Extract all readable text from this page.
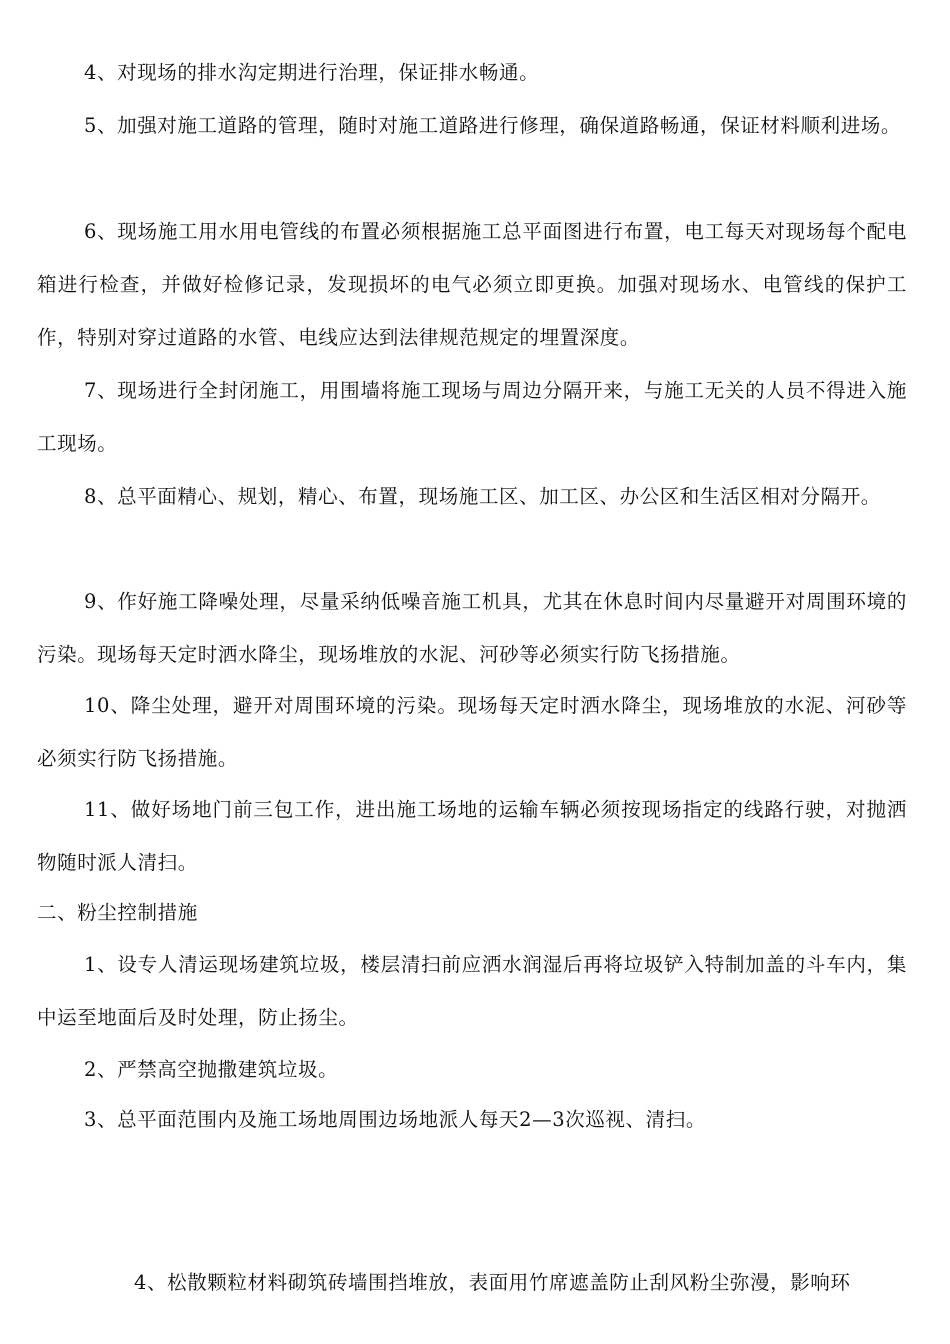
4、对现场的排水沟定期进行治理，保证排水畅通。

5、加强对施工道路的管理，随时对施工道路进行修理，确保道路畅通，保证材料顺利进场。

6、现场施工用水用电管线的布置必须根据施工总平面图进行布置，电工每天对现场每个配电箱进行检查，并做好检修记录，发现损坏的电气必须立即更换。加强对现场水、电管线的保护工作，特别对穿过道路的水管、电线应达到法律规范规定的埋置深度。

7、现场进行全封闭施工，用围墙将施工现场与周边分隔开来，与施工无关的人员不得进入施工现场。

8、总平面精心、规划，精心、布置，现场施工区、加工区、办公区和生活区相对分隔开。

9、作好施工降噪处理，尽量采纳低噪音施工机具，尤其在休息时间内尽量避开对周围环境的污染。现场每天定时洒水降尘，现场堆放的水泥、河砂等必须实行防飞扬措施。

10、降尘处理，避开对周围环境的污染。现场每天定时洒水降尘，现场堆放的水泥、河砂等必须实行防飞扬措施。

11、做好场地门前三包工作，进出施工场地的运输车辆必须按现场指定的线路行驶，对抛洒物随时派人清扫。

二、粉尘控制措施

1、设专人清运现场建筑垃圾，楼层清扫前应洒水润湿后再将垃圾铲入特制加盖的斗车内，集中运至地面后及时处理，防止扬尘。

2、严禁高空抛撒建筑垃圾。

3、总平面范围内及施工场地周围边场地派人每天2—3次巡视、清扫。

4、松散颗粒材料砌筑砖墙围挡堆放，表面用竹席遮盖防止刮风粉尘弥漫，影响环
